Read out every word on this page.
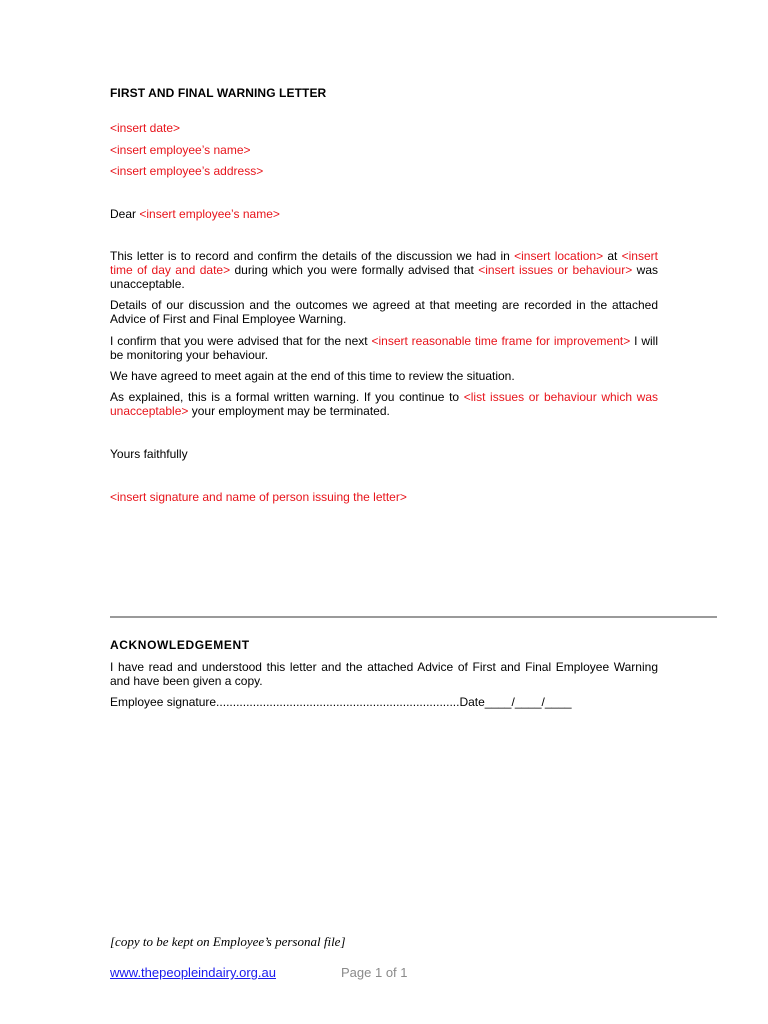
FIRST AND FINAL WARNING LETTER
<insert date>
<insert employee’s name>
<insert employee’s address>
Dear <insert employee’s name>
This letter is to record and confirm the details of the discussion we had in <insert location> at <insert time of day and date> during which you were formally advised that <insert issues or behaviour> was unacceptable.
Details of our discussion and the outcomes we agreed at that meeting are recorded in the attached Advice of First and Final Employee Warning.
I confirm that you were advised that for the next <insert reasonable time frame for improvement> I will be monitoring your behaviour.
We have agreed to meet again at the end of this time to review the situation.
As explained, this is a formal written warning. If you continue to <list issues or behaviour which was unacceptable> your employment may be terminated.
Yours faithfully
<insert signature and name of person issuing the letter>
ACKNOWLEDGEMENT
I have read and understood this letter and the attached Advice of First and Final Employee Warning and have been given a copy.
Employee signature.........................................................................Date____/____/____
[copy to be kept on Employee’s personal file]
www.thepeopleindairy.org.au	Page 1 of 1
